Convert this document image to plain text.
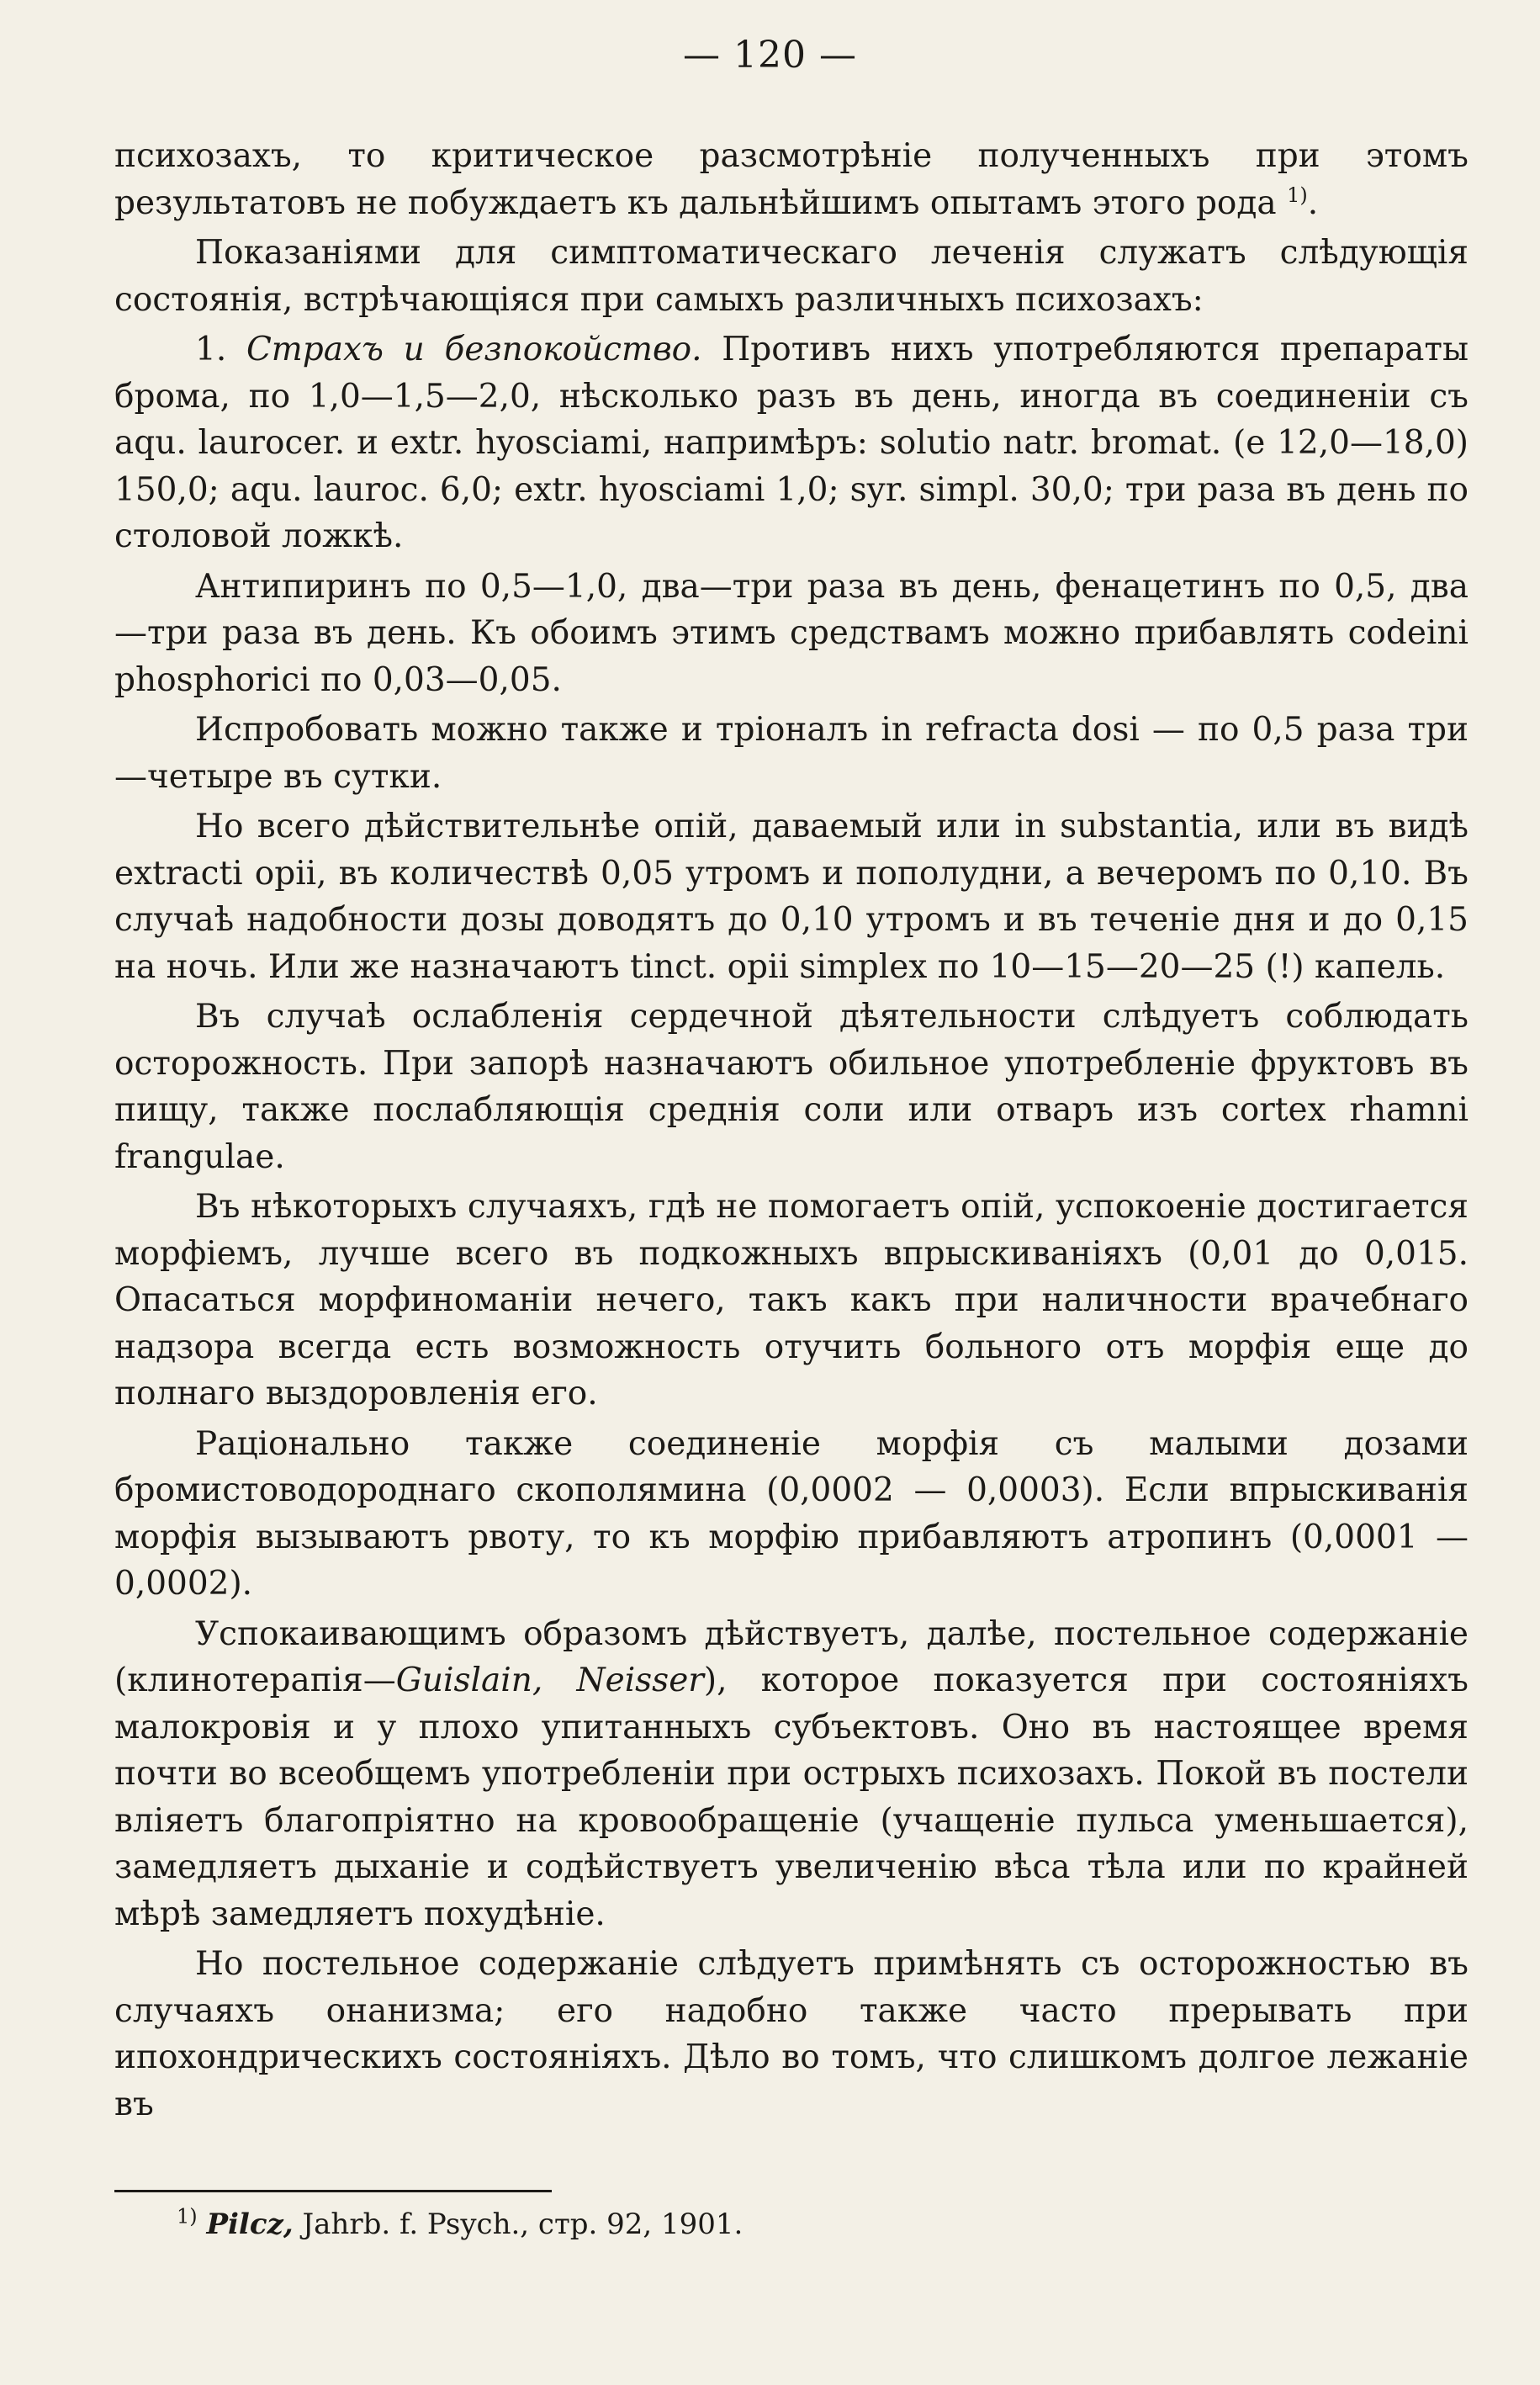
— 120 —

психозахъ, то критическое разсмотрѣніе полученныхъ при этомъ результатовъ не побуждаетъ къ дальнѣйшимъ опытамъ этого рода $^{1)}$.

Показаніями для симптоматическаго леченія служатъ слѣдующія состоянія, встрѣчающіяся при самыхъ различныхъ психозахъ:

1. Страхъ и безпокойство. Противъ нихъ употребляются препараты брома, по 1,0—1,5—2,0, нѣсколько разъ въ день, иногда въ соединеніи съ aqu. laurocer. и extr. hyosciami, напримѣръ: solutio natr. bromat. (e 12,0—18,0) 150,0; aqu. lauroc. 6,0; extr. hyosciami 1,0; syr. simpl. 30,0; три раза въ день по столовой ложкѣ.

Антипиринъ по 0,5—1,0, два—три раза въ день, фенацетинъ по 0,5, два—три раза въ день. Къ обоимъ этимъ средствамъ можно прибавлять codeini phosphorici по 0,03—0,05.

Испробовать можно также и тріоналъ in refracta dosi — по 0,5 раза три—четыре въ сутки.

Но всего дѣйствительнѣе опій, даваемый или in substantia, или въ видѣ extracti opii, въ количествѣ 0,05 утромъ и пополудни, а вечеромъ по 0,10. Въ случаѣ надобности дозы доводятъ до 0,10 утромъ и въ теченіе дня и до 0,15 на ночь. Или же назначаютъ tinct. opii simplex по 10—15—20—25 (!) капель.

Въ случаѣ ослабленія сердечной дѣятельности слѣдуетъ соблюдать осторожность. При запорѣ назначаютъ обильное употребленіе фруктовъ въ пищу, также послабляющія среднія соли или отваръ изъ cortex rhamni frangulae.

Въ нѣкоторыхъ случаяхъ, гдѣ не помогаетъ опій, успокоеніе достигается морфіемъ, лучше всего въ подкожныхъ впрыскиваніяхъ (0,01 до 0,015. Опасаться морфиноманіи нечего, такъ какъ при наличности врачебнаго надзора всегда есть возможность отучить больного отъ морфія еще до полнаго выздоровленія его.

Раціонально также соединеніе морфія съ малыми дозами бромистоводороднаго скополямина (0,0002 — 0,0003). Если впрыскиванія морфія вызываютъ рвоту, то къ морфію прибавляютъ атропинъ (0,0001 —0,0002).

Успокаивающимъ образомъ дѣйствуетъ, далѣе, постельное содержаніе (клинотерапія—Guislain, Neisser), которое показуется при состояніяхъ малокровія и у плохо упитанныхъ субъектовъ. Оно въ настоящее время почти во всеобщемъ употребленіи при острыхъ психозахъ. Покой въ постели вліяетъ благопріятно на кровообращеніе (учащеніе пульса уменьшается), замедляетъ дыханіе и содѣйствуетъ увеличенію вѣса тѣла или по крайней мѣрѣ замедляетъ похудѣніе.

Но постельное содержаніе слѣдуетъ примѣнять съ осторожностью въ случаяхъ онанизма; его надобно также часто прерывать при ипохондрическихъ состояніяхъ. Дѣло во томъ, что слишкомъ долгое лежаніе въ

$^{1)}$ Pilcz, Jahrb. f. Psych., стр. 92, 1901.
